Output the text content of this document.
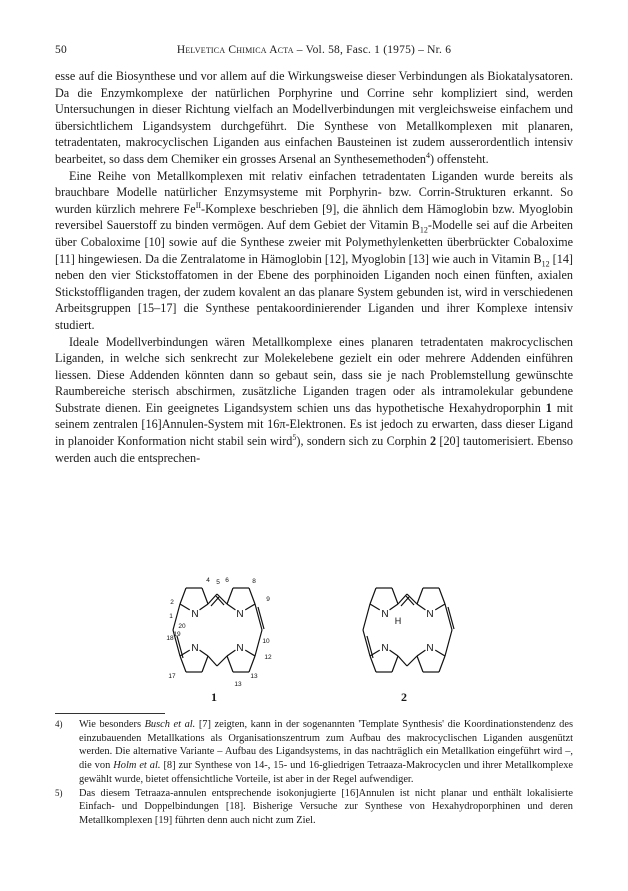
50	Helvetica Chimica Acta – Vol. 58, Fasc. 1 (1975) – Nr. 6

esse auf die Biosynthese und vor allem auf die Wirkungsweise dieser Verbindungen als Biokatalysatoren. Da die Enzymkomplexe der natürlichen Porphyrine und Corrine sehr kompliziert sind, werden Untersuchungen in dieser Richtung vielfach an Modellverbindungen mit vergleichsweise einfachem und übersichtlichem Ligandsystem durchgeführt. Die Synthese von Metallkomplexen mit planaren, tetradentaten, makrocyclischen Liganden aus einfachen Bausteinen ist zudem ausserordentlich intensiv bearbeitet, so dass dem Chemiker ein grosses Arsenal an Synthesemethoden$^4$) offensteht.

Eine Reihe von Metallkomplexen mit relativ einfachen tetradentaten Liganden wurde bereits als brauchbare Modelle natürlicher Enzymsysteme mit Porphyrin- bzw. Corrin-Strukturen erkannt. So wurden kürzlich mehrere $Fe^{II}$-Komplexe beschrieben [9], die ähnlich dem Hämoglobin bzw. Myoglobin reversibel Sauerstoff zu binden vermögen. Auf dem Gebiet der Vitamin $B_{12}$-Modelle sei auf die Arbeiten über Cobaloxime [10] sowie auf die Synthese zweier mit Polymethylenketten überbrückter Cobaloxime [11] hingewiesen. Da die Zentralatome in Hämoglobin [12], Myoglobin [13] wie auch in Vitamin $B_{12}$ [14] neben den vier Stickstoffatomen in der Ebene des porphinoiden Liganden noch einen fünften, axialen Stickstoffliganden tragen, der zudem kovalent an das planare System gebunden ist, wird in verschiedenen Arbeitsgruppen [15–17] die Synthese pentakoordinierender Liganden und ihrer Komplexe intensiv studiert.

Ideale Modellverbindungen wären Metallkomplexe eines planaren tetradentaten makrocyclischen Liganden, in welche sich senkrecht zur Molekelebene gezielt ein oder mehrere Addenden einführen liessen. Diese Addenden könnten dann so gebaut sein, dass sie je nach Problemstellung gewünschte Raumbereiche sterisch abschirmen, zusätzliche Liganden tragen oder als intramolekular gebundene Substrate dienen. Ein geeignetes Ligandsystem schien uns das hypothetische Hexahydroporphin 1 mit seinem zentralen [16]Annulen-System mit 16π-Elektronen. Es ist jedoch zu erwarten, dass dieser Ligand in planoider Konformation nicht stabil sein wird$^5$), sondern sich zu Corphin 2 [20] tautomerisiert. Ebenso werden auch die entsprechen-

N	N
N
N
2
1
4 5 6	8
9
10
12
13
13
17
18
19
20
N	N
N
N
H
1	2

4) Wie besonders Busch et al. [7] zeigten, kann in der sogenannten 'Template Synthesis' die Koordinationstendenz des einzubauenden Metallkations als Organisationszentrum zum Aufbau des makrocyclischen Liganden ausgenützt werden. Die alternative Variante – Aufbau des Ligandsystems, in das nachträglich ein Metallkation eingeführt wird –, die von Holm et al. [8] zur Synthese von 14-, 15- und 16-gliedrigen Tetraaza-Makrocyclen und ihrer Metallkomplexe gewählt wurde, bietet offensichtliche Vorteile, ist aber in der Regel aufwendiger.

5) Das diesem Tetraaza-annulen entsprechende isokonjugierte [16]Annulen ist nicht planar und enthält lokalisierte Einfach- und Doppelbindungen [18]. Bisherige Versuche zur Synthese von Hexahydroporphinen und deren Metallkomplexen [19] führten denn auch nicht zum Ziel.
